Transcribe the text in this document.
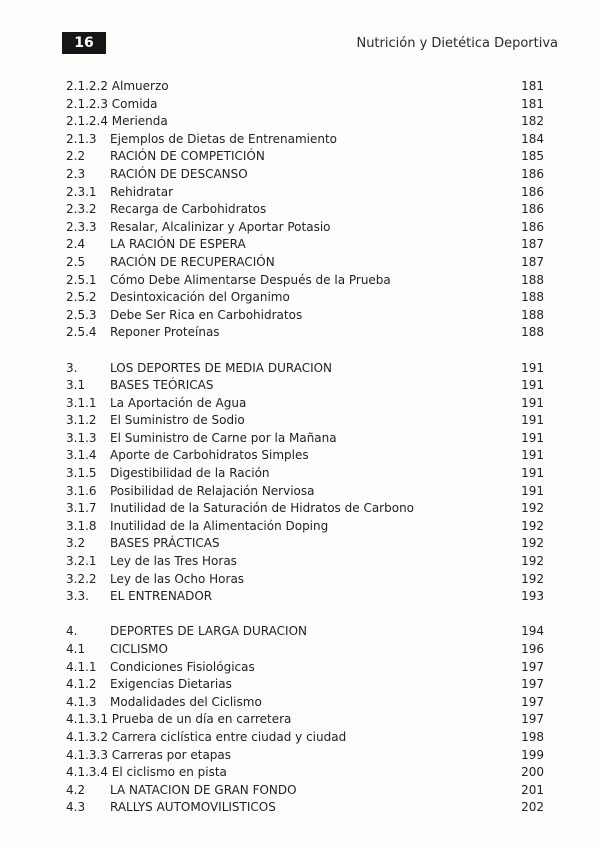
16	Nutrición y Dietética Deportiva
2.1.2.2 Almuerzo	181
2.1.2.3 Comida	181
2.1.2.4 Merienda	182
2.1.3 Ejemplos de Dietas de Entrenamiento	184
2.2 RACIÓN DE COMPETICIÓN	185
2.3 RACIÓN DE DESCANSO	186
2.3.1 Rehidratar	186
2.3.2 Recarga de Carbohidratos	186
2.3.3 Resalar, Alcalinizar y Aportar Potasio	186
2.4 LA RACIÓN DE ESPERA	187
2.5 RACIÓN DE RECUPERACIÓN	187
2.5.1 Cómo Debe Alimentarse Después de la Prueba	188
2.5.2 Desintoxicación del Organimo	188
2.5.3 Debe Ser Rica en Carbohidratos	188
2.5.4 Reponer Proteínas	188
3.	LOS DEPORTES DE MEDIA DURACION	191
3.1 BASES TEÓRICAS	191
3.1.1 La Aportación de Agua	191
3.1.2 El Suministro de Sodio	191
3.1.3 El Suministro de Carne por la Mañana	191
3.1.4 Aporte de Carbohidratos Simples	191
3.1.5 Digestibilidad de la Ración	191
3.1.6 Posibilidad de Relajación Nerviosa	191
3.1.7 Inutilidad de la Saturación de Hidratos de Carbono	192
3.1.8 Inutilidad de la Alimentación Doping	192
3.2 BASES PRÁCTICAS	192
3.2.1 Ley de las Tres Horas	192
3.2.2 Ley de las Ocho Horas	192
3.3. EL ENTRENADOR	193
4.	DEPORTES DE LARGA DURACION	194
4.1 CICLISMO	196
4.1.1 Condiciones Fisiológicas	197
4.1.2 Exigencias Dietarias	197
4.1.3 Modalidades del Ciclismo	197
4.1.3.1 Prueba de un día en carretera	197
4.1.3.2 Carrera ciclística entre ciudad y ciudad	198
4.1.3.3 Carreras por etapas	199
4.1.3.4 El ciclismo en pista	200
4.2 LA NATACION DE GRAN FONDO	201
4.3 RALLYS AUTOMOVILISTICOS	202
